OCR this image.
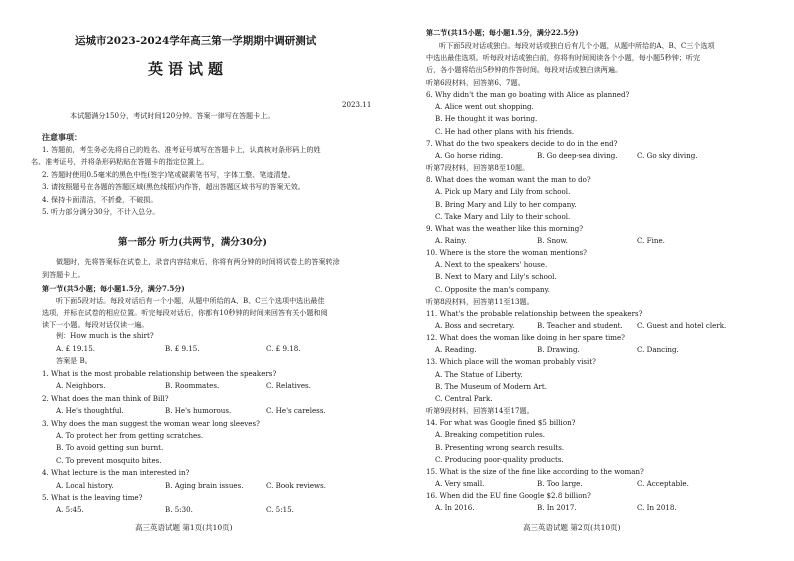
运城市2023-2024学年高三第一学期期中调研测试
英语试题
2023.11
本试题满分150分，考试时间120分钟。答案一律写在答题卡上。
注意事项：
1. 答题前，考生务必先将自己的姓名、准考证号填写在答题卡上，认真核对条形码上的姓
名、准考证号，并将条形码粘贴在答题卡的指定位置上。
2. 答题时使用0.5毫米的黑色中性(签字)笔或碳素笔书写，字体工整、笔迹清楚。
3. 请按照题号在各题的答题区域(黑色线框)内作答，超出答题区域书写的答案无效。
4. 保持卡面清洁，不折叠，不破损。
5. 听力部分满分30分，不计入总分。
第一部分 听力(共两节，满分30分)
做题时，先将答案标在试卷上，录音内容结束后，你将有两分钟的时间将试卷上的答案转涂
到答题卡上。
第一节(共5小题；每小题1.5分，满分7.5分)
听下面5段对话。每段对话后有一个小题，从题中所给的A、B、C三个选项中选出最佳
选项，并标在试卷的相应位置。听完每段对话后，你都有10秒钟的时间来回答有关小题和阅
读下一小题。每段对话仅读一遍。
例：How much is the shirt?
A. £ 19.15.	B. £ 9.15.	C. £ 9.18.
答案是 B。
1. What is the most probable relationship between the speakers?
A. Neighbors.	B. Roommates.	C. Relatives.
2. What does the man think of Bill?
A. He's thoughtful.	B. He's humorous.	C. He's careless.
3. Why does the man suggest the woman wear long sleeves?
A. To protect her from getting scratches.
B. To avoid getting sun burnt.
C. To prevent mosquito bites.
4. What lecture is the man interested in?
A. Local history.	B. Aging brain issues.	C. Book reviews.
5. What is the leaving time?
A. 5:45.	B. 5:30.	C. 5:15.
高三英语试题 第1页(共10页)
第二节(共15小题；每小题1.5分，满分22.5分)
听下面5段对话或独白。每段对话或独白后有几个小题，从题中所给的A、B、C三个选项
中选出最佳选项。听每段对话或独白前，你将有时间阅读各个小题，每小题5秒钟；听完
后，各小题将给出5秒钟的作答时间。每段对话或独白读两遍。
听第6段材料，回答第6、7题。
6. Why didn't the man go boating with Alice as planned?
A. Alice went out shopping.
B. He thought it was boring.
C. He had other plans with his friends.
7. What do the two speakers decide to do in the end?
A. Go horse riding.	B. Go deep-sea diving.	C. Go sky diving.
听第7段材料，回答第8至10题。
8. What does the woman want the man to do?
A. Pick up Mary and Lily from school.
B. Bring Mary and Lily to her company.
C. Take Mary and Lily to their school.
9. What was the weather like this morning?
A. Rainy.	B. Snow.	C. Fine.
10. Where is the store the woman mentions?
A. Next to the speakers' house.
B. Next to Mary and Lily's school.
C. Opposite the man's company.
听第8段材料，回答第11至13题。
11. What's the probable relationship between the speakers?
A. Boss and secretary.	B. Teacher and student. C. Guest and hotel clerk.
12. What does the woman like doing in her spare time?
A. Reading.	B. Drawing.	C. Dancing.
13. Which place will the woman probably visit?
A. The Statue of Liberty.
B. The Museum of Modern Art.
C. Central Park.
听第9段材料，回答第14至17题。
14. For what was Google fined $5 billion?
A. Breaking competition rules.
B. Presenting wrong search results.
C. Producing poor-quality products.
15. What is the size of the fine like according to the woman?
A. Very small.	B. Too large.	C. Acceptable.
16. When did the EU fine Google $2.8 billion?
A. In 2016.	B. In 2017.	C. In 2018.
高三英语试题 第2页(共10页)
